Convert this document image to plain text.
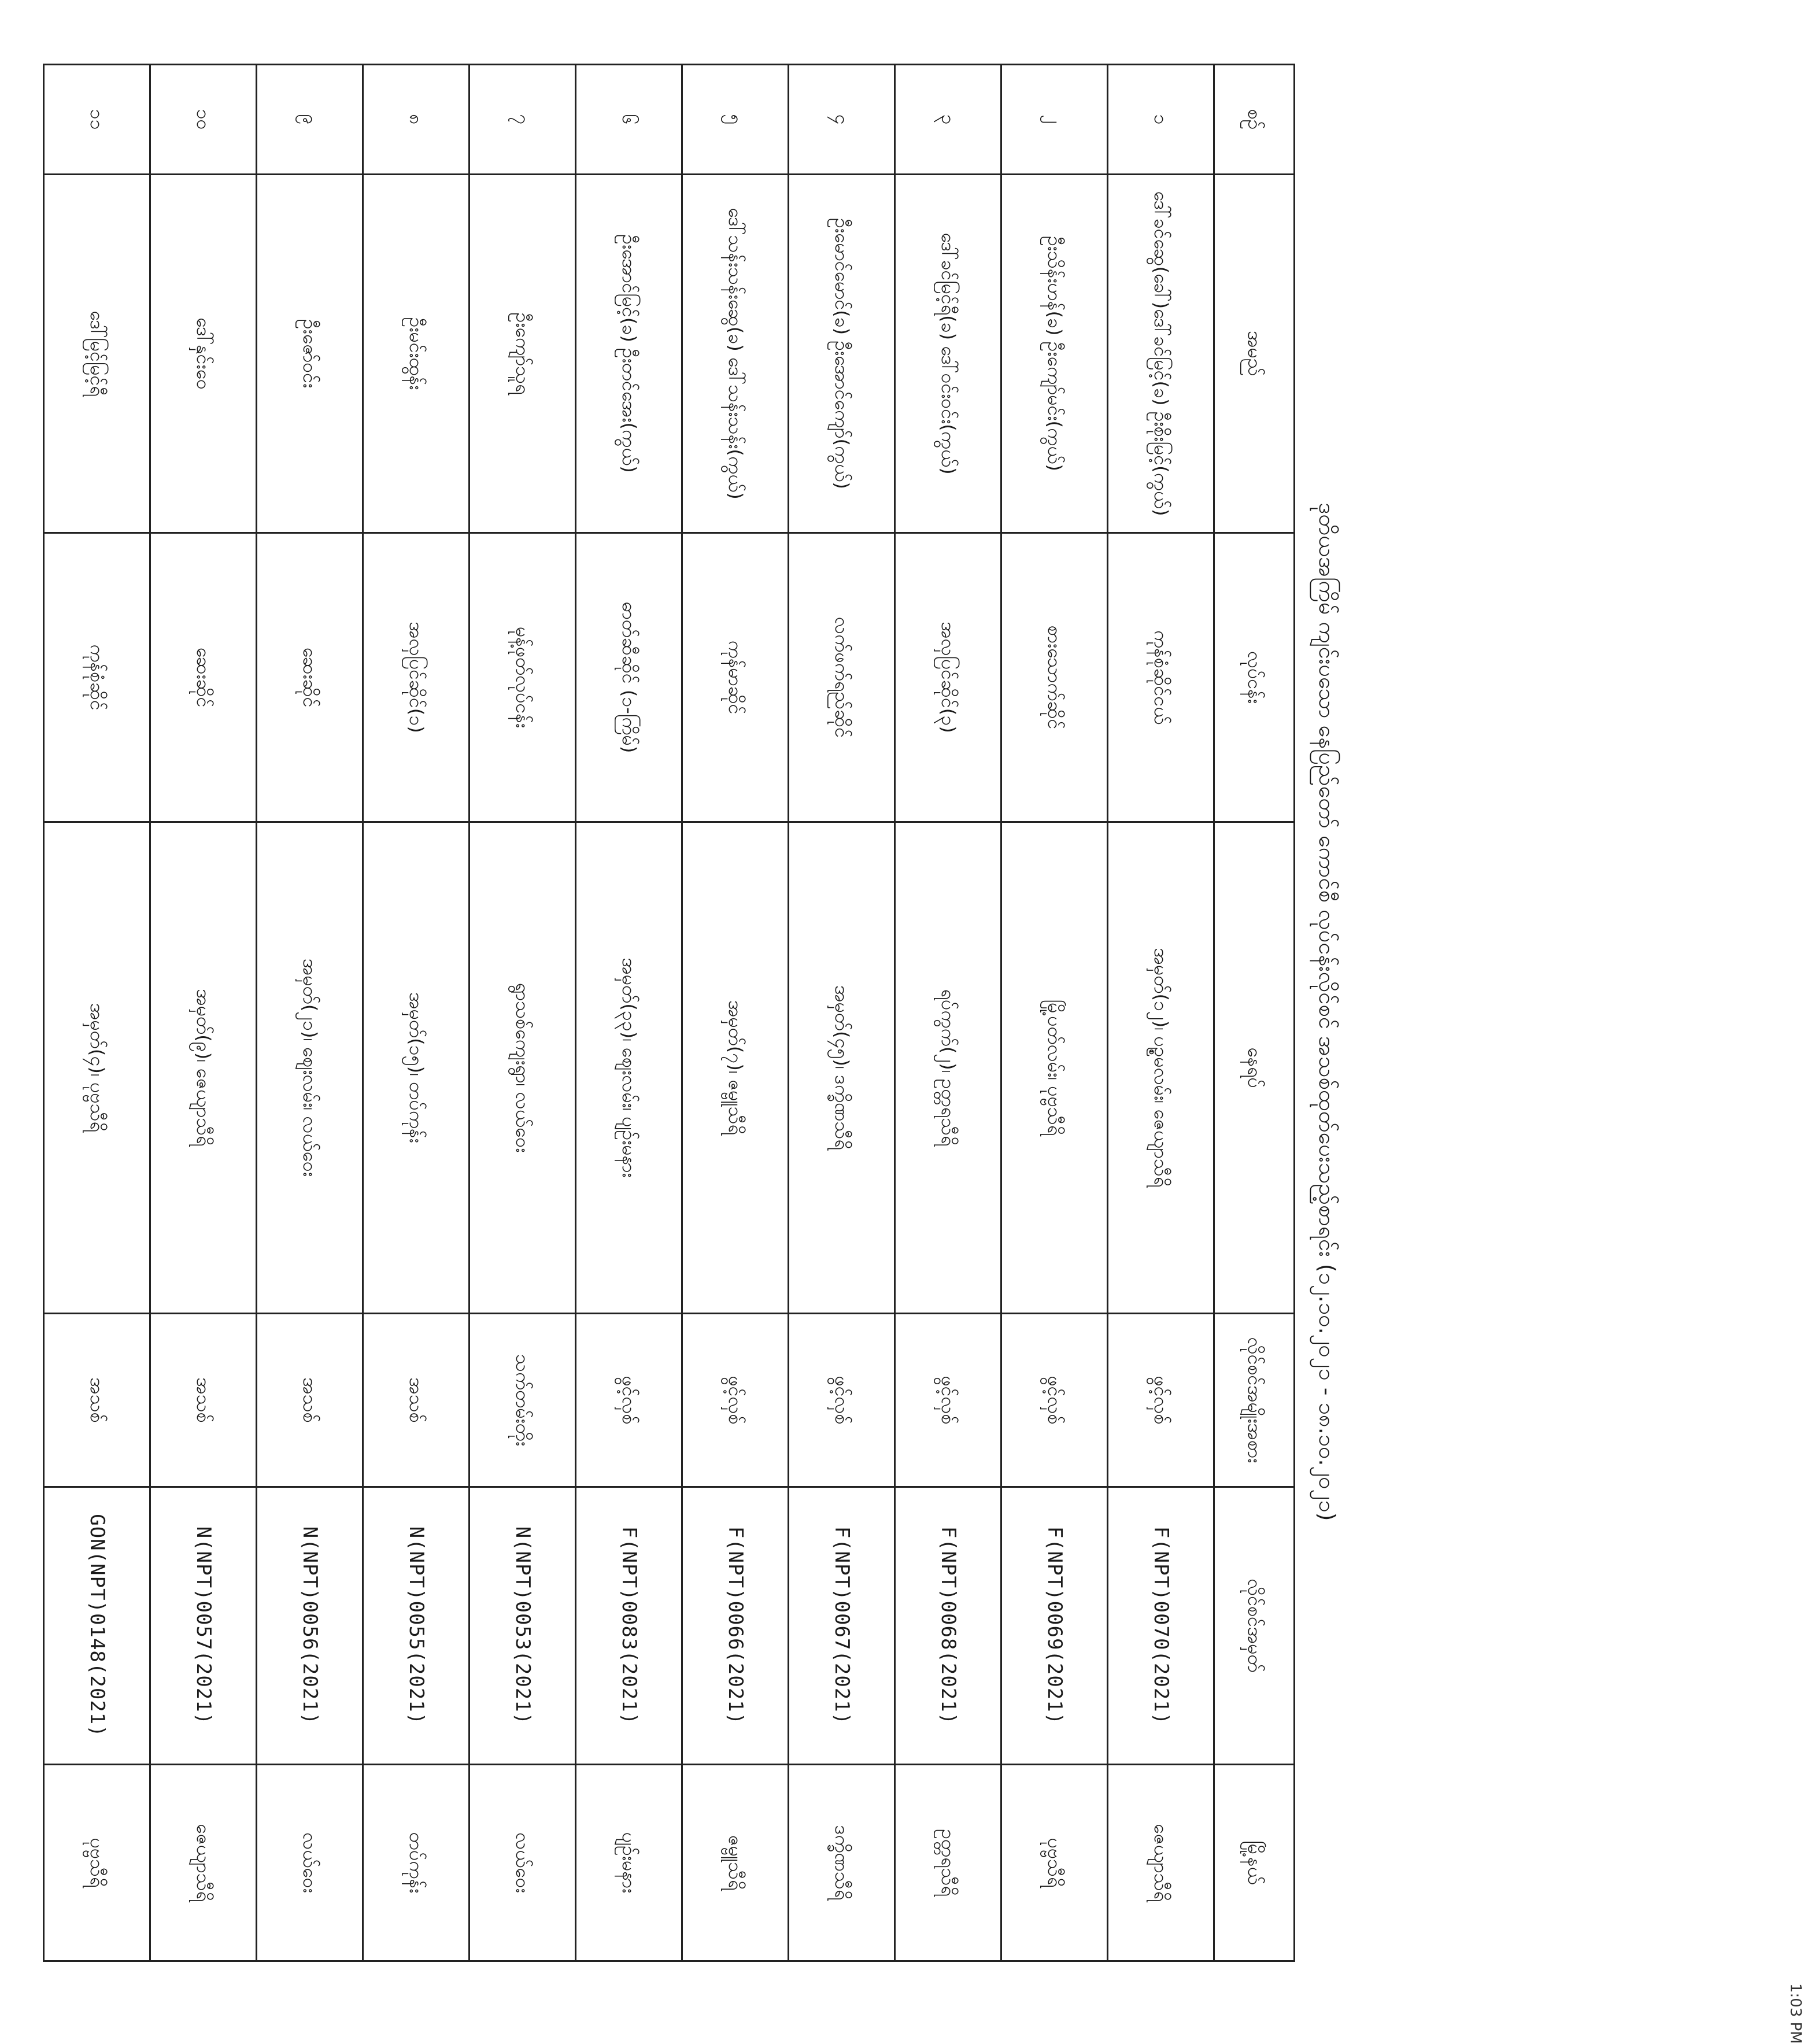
ဒုတိယအကြိမ် ကျင်းပသော နေပြည်တော် ကောင်စီ လုပ်ငန်းလိုင်စင် အသစ်ထုတ်ပေးသည့်စာရင်း (၁၂.၁၀.၂၀၂၁ - ၁၈.၁၀.၂၀၂၁)
စဉ်	အမည်	လုပ်ငန်း	နေရပ်	လိုင်စင်အမျိုးအစား	လိုင်စင်အမှတ်	မြို့နယ်
၁	ဒေါ်ခင်ဆွေ(ခေါ်)ဒေါ်ခင်မြင့်(ခ) ဦးစိုးမြင့်(ကွယ်)	ကုန်စုံဆိုင်ငယ်	အမှတ်(၁၂)၊ ပဉ္စမလမ်း၊ ဇေယျာသီရိ	ဖွင့်လှစ်	F(NPT)0070(2021)	ဇေယျာသီရိ
၂	ဦးသိန်းဟန်(ခ) ဦးကျော်မင်း(ကွယ်)	စားသောက်ဆိုင်	မြို့ပတ်လမ်း၊ ပုဗ္ဗသီရိ	ဖွင့်လှစ်	F(NPT)0069(2021)	ပုဗ္ဗသီရိ
၃	ဒေါ်ခင်မြင့်ရီ(ခ) ဒေါ်ဝင်းဝင်း(ကွယ်)	အလှပြင်ဆိုင်(၃)	ရပ်ကွက်(၂)၊ ဥတ္တရသီရိ	ဖွင့်လှစ်	F(NPT)0068(2021)	ဥတ္တရသီရိ
၄	ဦးမောင်မောင်(ခ) ဦးအောင်ကျော်(ကွယ်)	လက်ဖက်ရည်ဆိုင်	အမှတ်(၄၅)၊ ဒက္ခိဏသီရိ	ဖွင့်လှစ်	F(NPT)0067(2021)	ဒက္ခိဏသီရိ
၅	ဒေါ်သန်းသန်းဆွေ(ခ) ဒေါ်သန်းသန်း(ကွယ်)	ကုန်မာဆိုင်	အမှတ်(၇)၊ ဇမ္ဗူသီရိ	ဖွင့်လှစ်	F(NPT)0066(2021)	ဇမ္ဗူသီရိ
၆	ဦးအောင်မြင့်(ခ) ဦးတင်အေး(ကွယ်)	ဓာတ်ဆီဆိုင် (၁-ကြိမ်)	အမှတ်(၃၃)၊ ဈေးလမ်း၊ ပျဉ်းမနား	ဖွင့်လှစ်	F(NPT)0083(2021)	ပျဉ်းမနား
၇	ဦးကျော်သူရ	မုန့်ဖုတ်လုပ်ငန်း	ရွာသစ်ကျေးရွာ၊ လယ်ဝေး	သက်တမ်းတိုး	N(NPT)0053(2021)	လယ်ဝေး
၈	ဦးမင်းထွန်း	အလှပြင်ဆိုင်(၁)	အမှတ်(၁၅)၊ တပ်ကုန်း	အသစ်	N(NPT)0055(2021)	တပ်ကုန်း
၉	ဦးဇော်ဝင်း	ဆေးဆိုင်	အမှတ်(၂၁)၊ ဈေးလမ်း၊ လယ်ဝေး	အသစ်	N(NPT)0056(2021)	လယ်ဝေး
၁၀	ဒေါ်နှင်းဝေ	ဆေးဆိုင်	အမှတ်(၉)၊ ဇေယျာသီရိ	အသစ်	N(NPT)0057(2021)	ဇေယျာသီရိ
၁၁	ဒေါ်မြင့်မြင့်ရီ	ကုန်စုံဆိုင်	အမှတ်(၄)၊ ပုဗ္ဗသီရိ	အသစ်	GON(NPT)0148(2021)	ပုဗ္ဗသီရိ
1:03 PM
